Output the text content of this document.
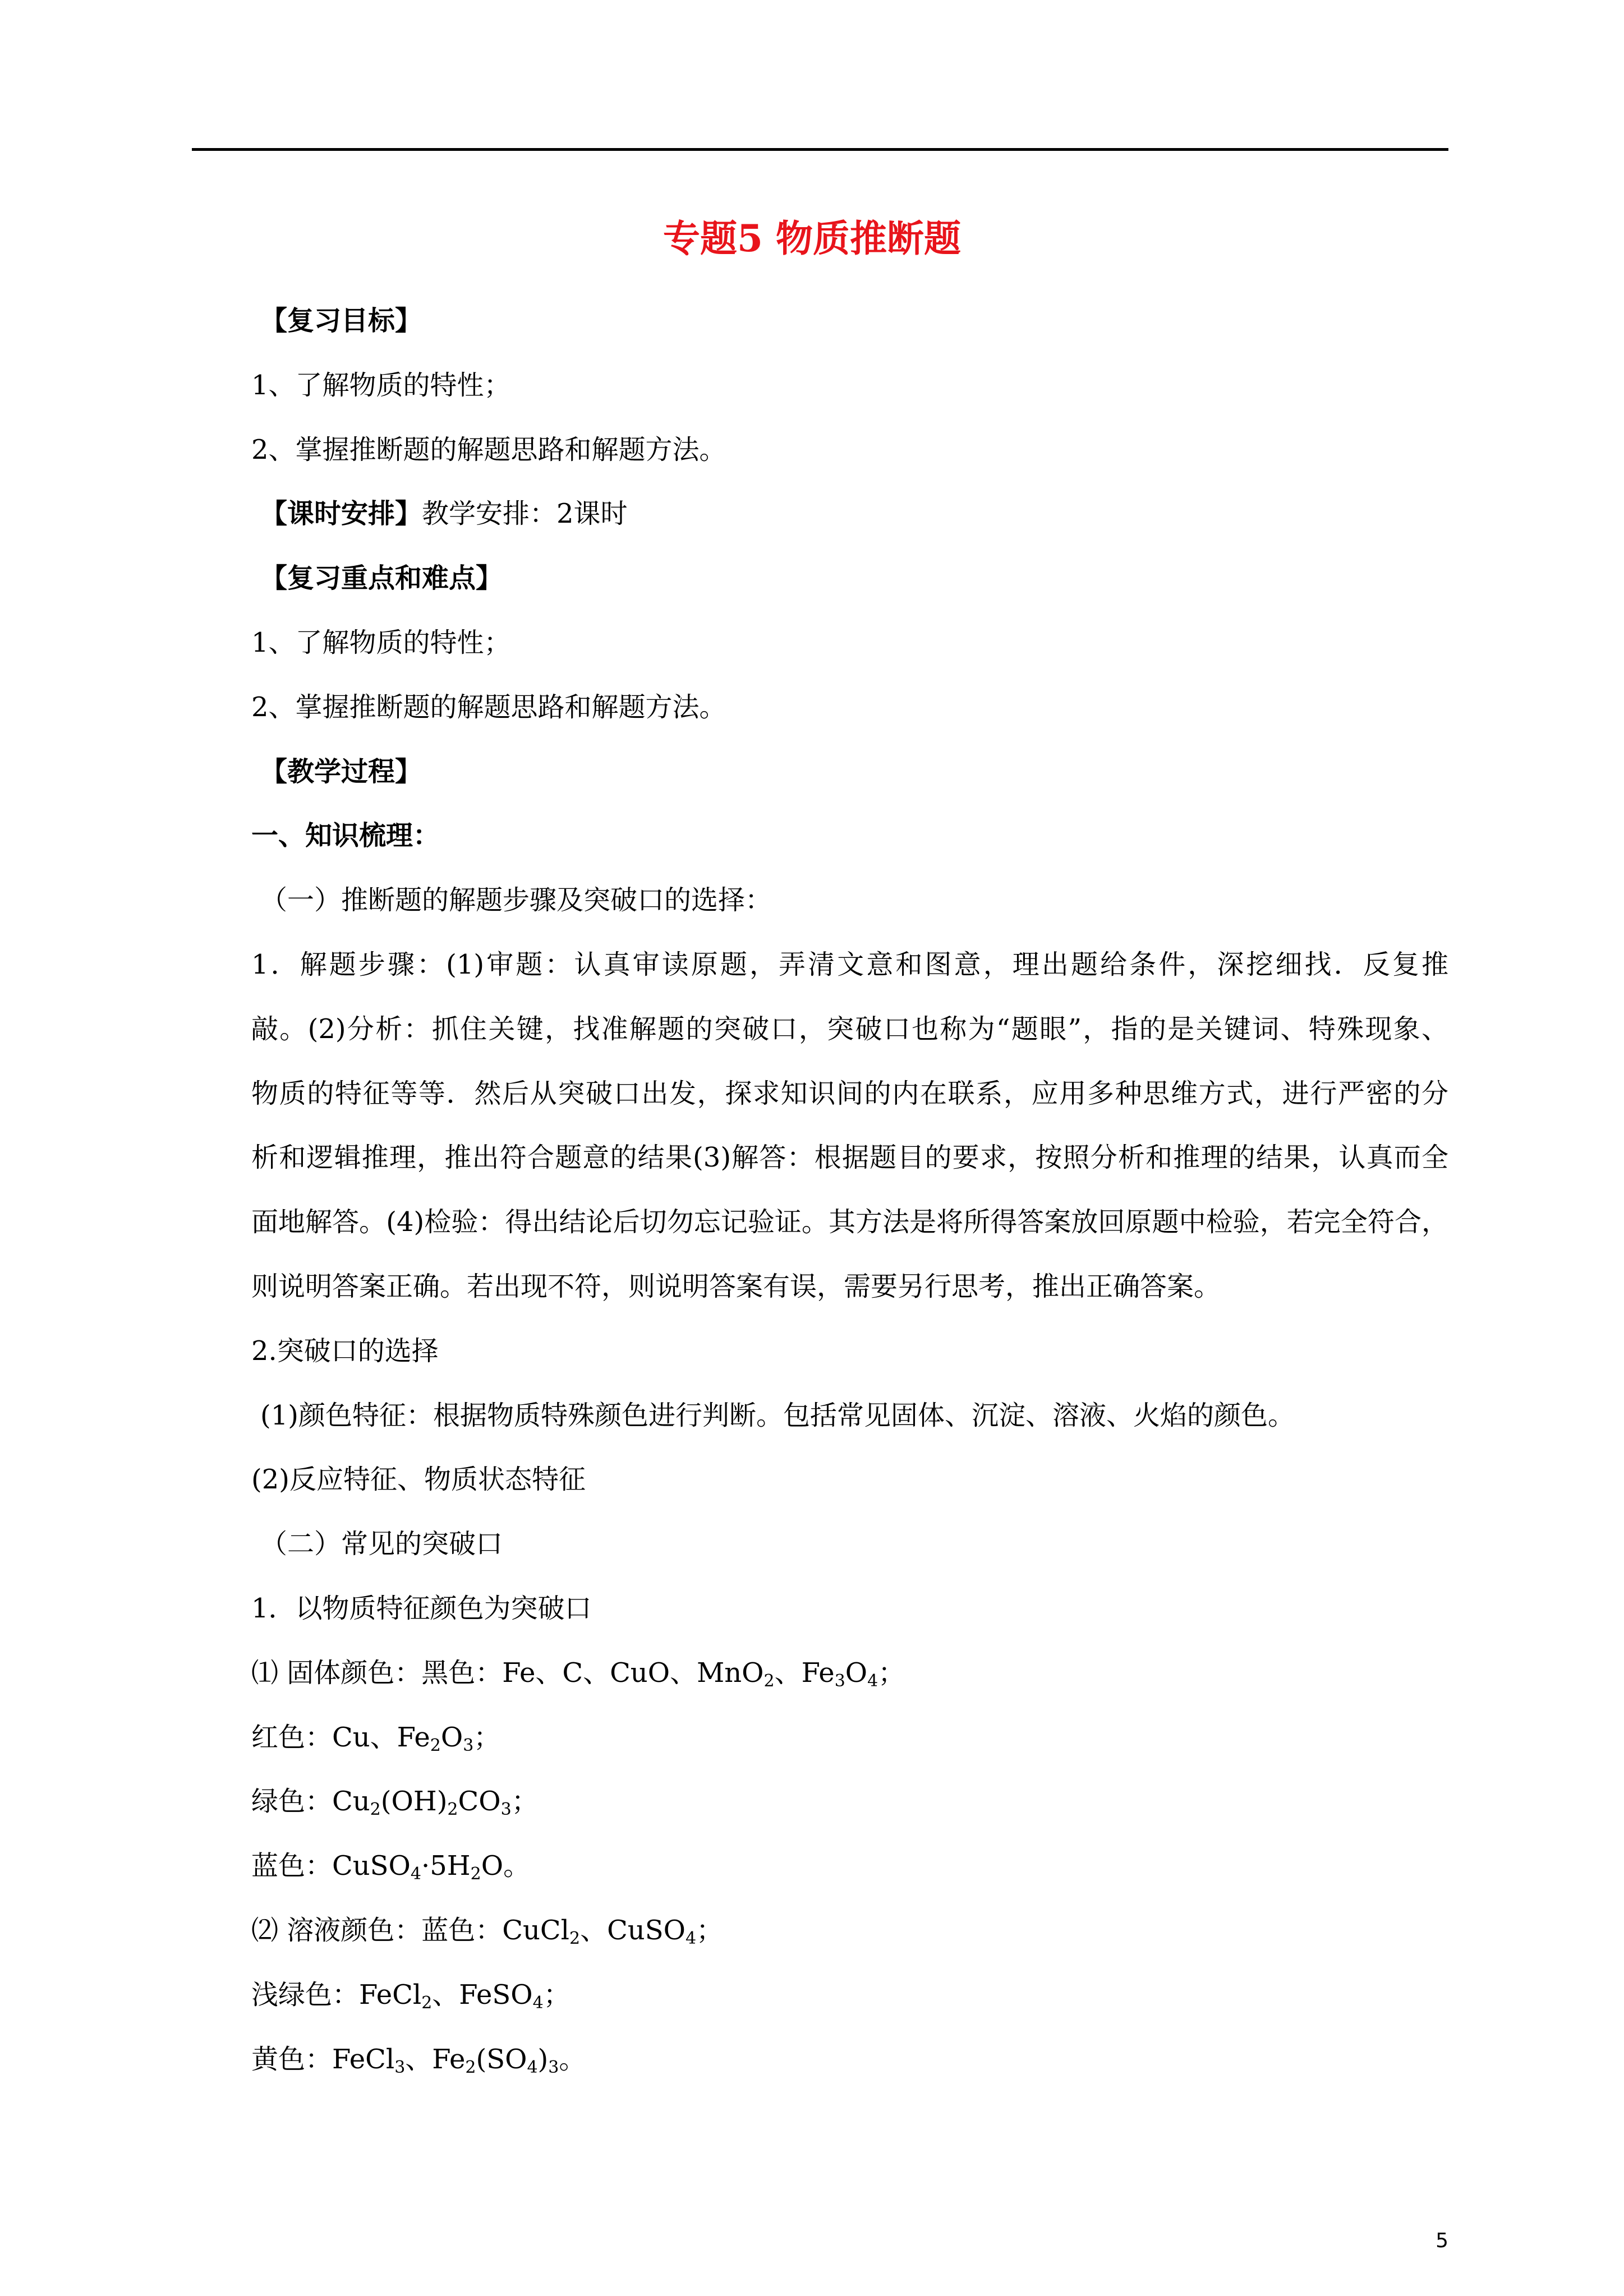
专题5 物质推断题
【复习目标】
1、了解物质的特性；
2、掌握推断题的解题思路和解题方法。
【课时安排】教学安排：2课时
【复习重点和难点】
1、了解物质的特性；
2、掌握推断题的解题思路和解题方法。
【教学过程】
一、知识梳理：
（一）推断题的解题步骤及突破口的选择：
1．解题步骤：(1)审题：认真审读原题，弄清文意和图意，理出题给条件，深挖细找．反复推
敲。(2)分析：抓住关键，找准解题的突破口，突破口也称为“题眼”，指的是关键词、特殊现象、
物质的特征等等．然后从突破口出发，探求知识间的内在联系，应用多种思维方式，进行严密的分
析和逻辑推理，推出符合题意的结果(3)解答：根据题目的要求，按照分析和推理的结果，认真而全
面地解答。(4)检验：得出结论后切勿忘记验证。其方法是将所得答案放回原题中检验，若完全符合，
则说明答案正确。若出现不符，则说明答案有误，需要另行思考，推出正确答案。
2.突破口的选择
(1)颜色特征：根据物质特殊颜色进行判断。包括常见固体、沉淀、溶液、火焰的颜色。
(2)反应特征、物质状态特征
（二）常见的突破口
1．以物质特征颜色为突破口
⑴ 固体颜色：黑色：Fe、C、CuO、MnO$_2$、$Fe_3O_4$；
红色：Cu、$Fe_2O_3$；
绿色：$Cu_2(OH)_2CO_3$；
蓝色：$CuSO_4\cdot 5H_2O$。
⑵ 溶液颜色：蓝色：CuCl$_2$、CuSO$_4$；
浅绿色：FeCl$_2$、FeSO$_4$；
黄色：FeCl$_3$、$Fe_2(SO_4)_3$。
5
